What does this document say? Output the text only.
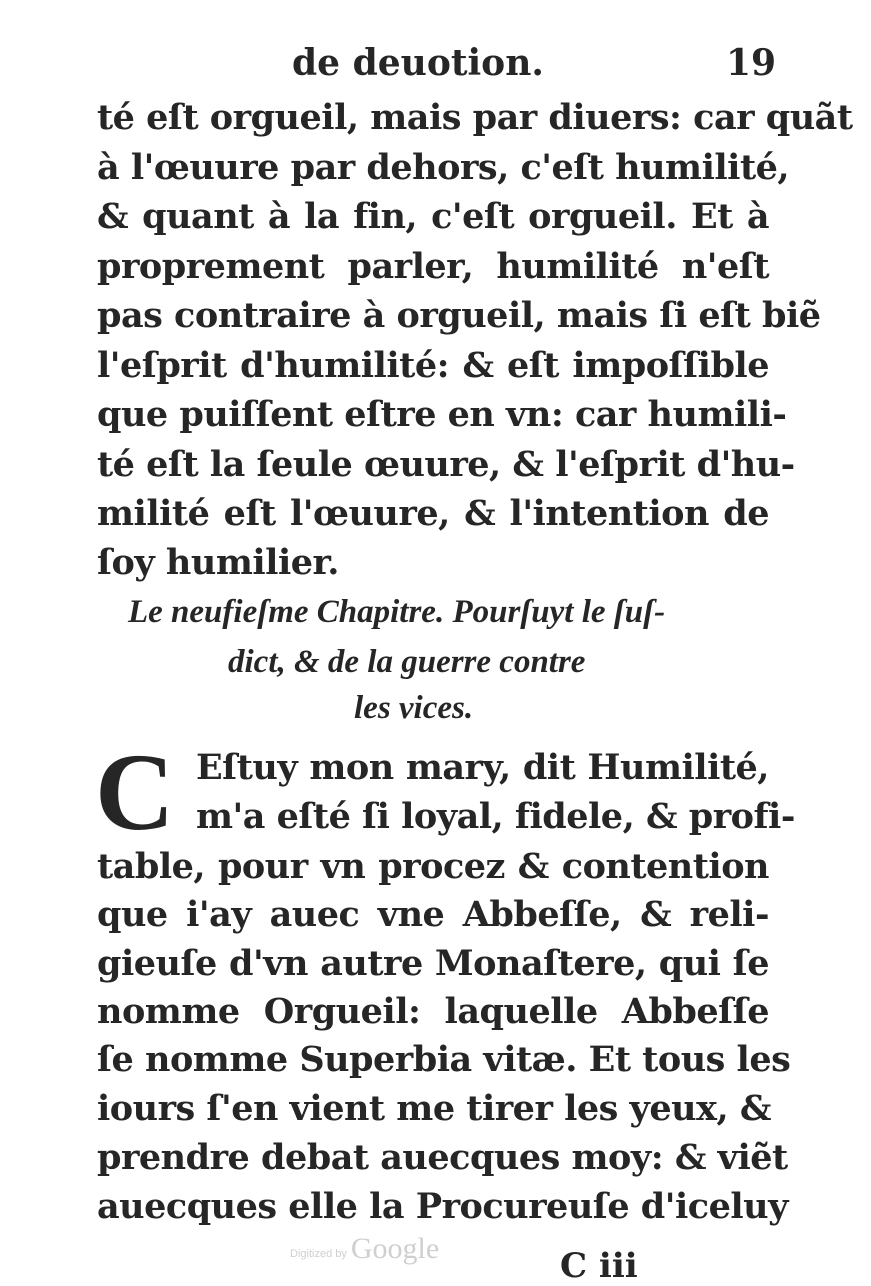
de deuotion.	19
té eſt orgueil, mais par diuers: car quãt
à l'œuure par dehors, c'eſt humilité,
& quant à la fin, c'eſt orgueil. Et à
proprement parler, humilité n'eſt
pas contraire à orgueil, mais ſi eſt biẽ
l'eſprit d'humilité: & eſt impoſſible
que puiſſent eſtre en vn: car humili-
té eſt la ſeule œuure, & l'eſprit d'hu-
milité eſt l'œuure, & l'intention de
ſoy humilier.
Le neufieſme Chapitre. Pourſuyt le ſuſ-
dict, & de la guerre contre
les vices.
C Eſtuy mon mary, dit Humilité,
m'a eſté ſi loyal, fidele, & profi-
table, pour vn procez & contention
que i'ay auec vne Abbeſſe, & reli-
gieuſe d'vn autre Monaſtere, qui ſe
nomme Orgueil: laquelle Abbeſſe
ſe nomme Superbia vitæ. Et tous les
iours ſ'en vient me tirer les yeux, &
prendre debat auecques moy: & viẽt
auecques elle la Procureuſe d'iceluy
Digitized by Google	C iii
